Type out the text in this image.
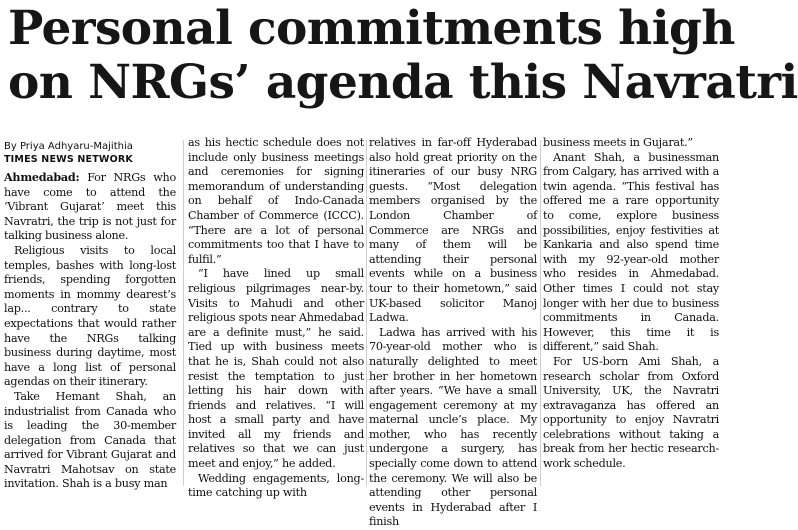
Personal commitments high
on NRGs’ agenda this Navratri

By Priya Adhyaru-Majithia

TIMES NEWS NETWORK

Ahmedabad: For NRGs who have come to attend the ‘Vibrant Gujarat’ meet this Navratri, the trip is not just for talking business alone.

Religious visits to local temples, bashes with long-lost friends, spending forgotten moments in mommy dearest’s lap... contrary to state expectations that would rather have the NRGs talking business during daytime, most have a long list of personal agendas on their itinerary.

Take Hemant Shah, an industrialist from Canada who is leading the 30-member delegation from Canada that arrived for Vibrant Gujarat and Navratri Mahotsav on state invitation. Shah is a busy man

as his hectic schedule does not include only business meetings and ceremonies for signing memorandum of understanding on behalf of Indo-Canada Chamber of Commerce (ICCC). “There are a lot of personal commitments too that I have to fulfil.”

“I have lined up small religious pilgrimages near-by. Visits to Mahudi and other religious spots near Ahmedabad are a definite must,” he said. Tied up with business meets that he is, Shah could not also resist the temptation to just letting his hair down with friends and relatives. “I will host a small party and have invited all my friends and relatives so that we can just meet and enjoy,” he added.

Wedding engagements, long-time catching up with

relatives in far-off Hyderabad also hold great priority on the itineraries of our busy NRG guests. “Most delegation members organised by the London Chamber of Commerce are NRGs and many of them will be attending their personal events while on a business tour to their hometown,” said UK-based solicitor Manoj Ladwa.

Ladwa has arrived with his 70-year-old mother who is naturally delighted to meet her brother in her hometown after years. “We have a small engagement ceremony at my maternal uncle’s place. My mother, who has recently undergone a surgery, has specially come down to attend the ceremony. We will also be attending other personal events in Hyderabad after I finish

business meets in Gujarat.”

Anant Shah, a businessman from Calgary, has arrived with a twin agenda. “This festival has offered me a rare opportunity to come, explore business possibilities, enjoy festivities at Kankaria and also spend time with my 92-year-old mother who resides in Ahmedabad. Other times I could not stay longer with her due to business commitments in Canada. However, this time it is different,” said Shah.

For US-born Ami Shah, a research scholar from Oxford University, UK, the Navratri extravaganza has offered an opportunity to enjoy Navratri celebrations without taking a break from her hectic research-work schedule.
